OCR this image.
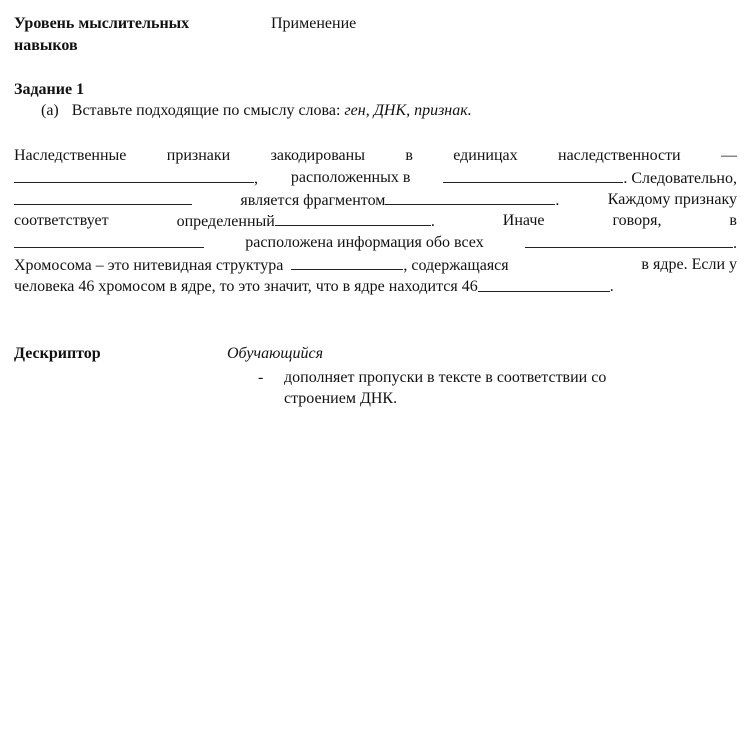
Уровень мыслительных
навыков
Применение
Задание 1
(a) Вставьте подходящие по смыслу слова: ген, ДНК, признак.
Наследственные	признаки	закодированы	в	единицах	наследственности	—
, расположенных в	. Следовательно,
является фрагментом	.	Каждому признаку
соответствует	определенный	.	Иначе	говоря,	в
расположена информация обо всех	.
Хромосома – это нитевидная структура	, содержащаяся	в ядре. Если у
человека 46 хромосом в ядре, то это значит, что в ядре находится 46	.
Дескриптор	Обучающийся
- дополняет пропуски в тексте в соответствии со
строением ДНК.
